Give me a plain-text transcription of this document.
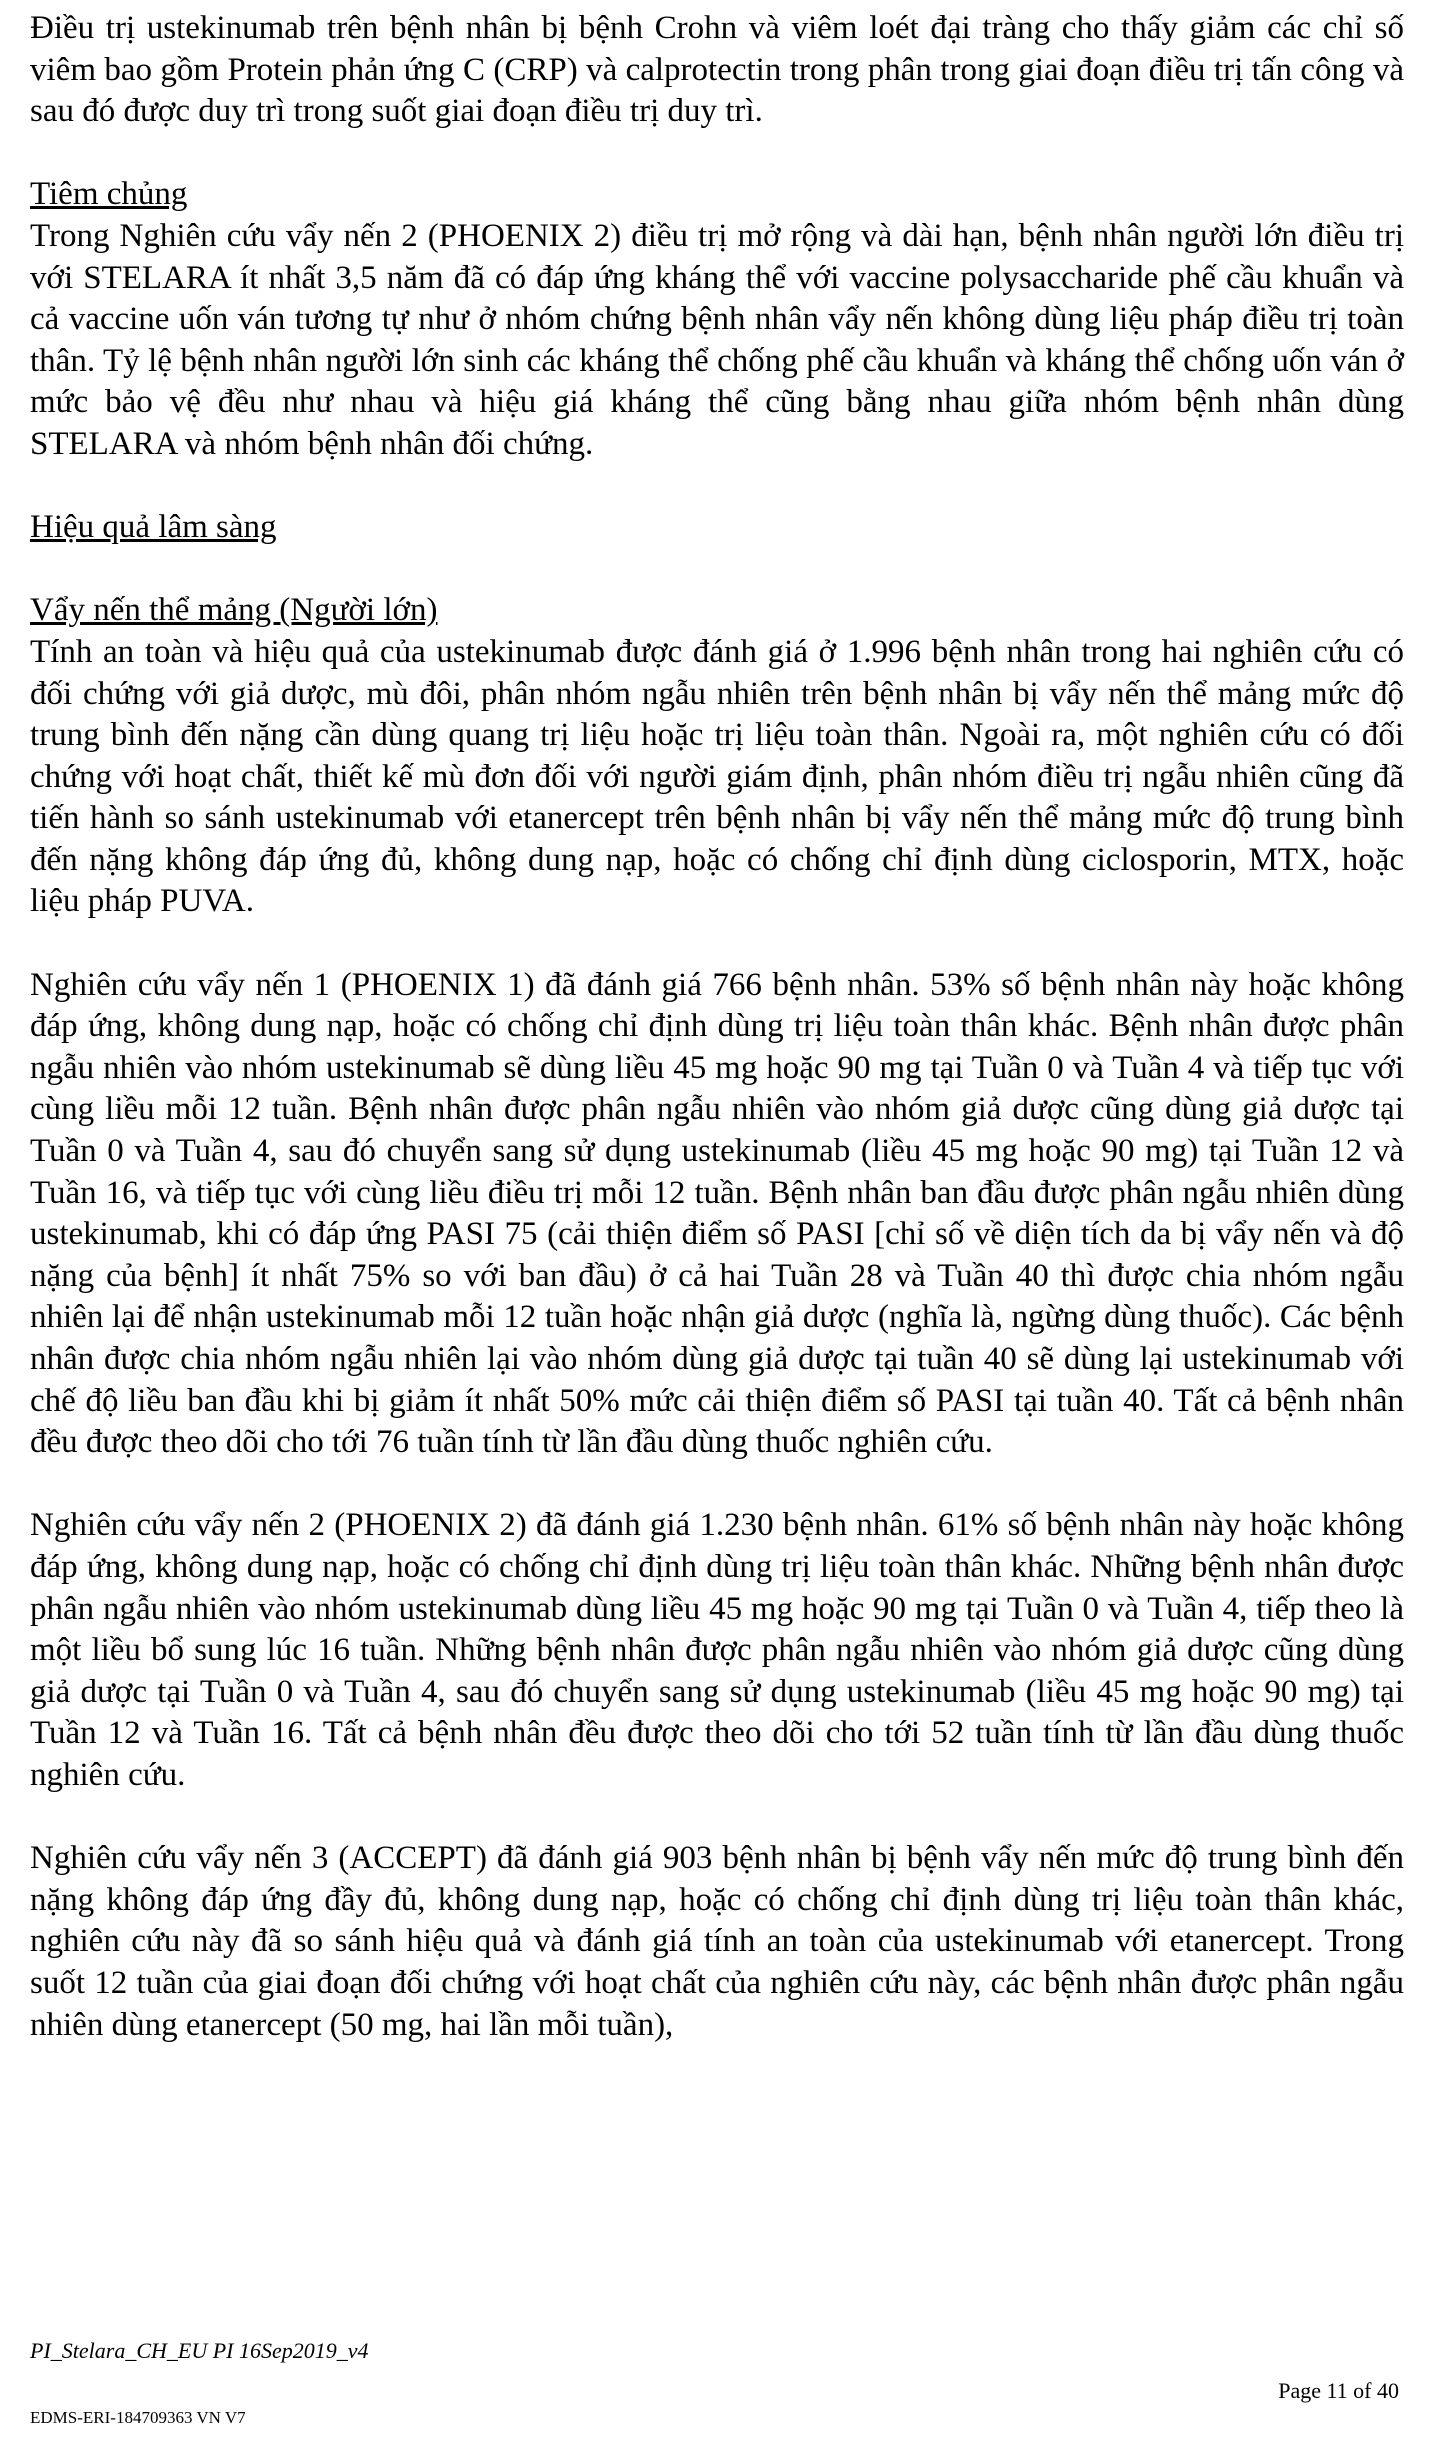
Điều trị ustekinumab trên bệnh nhân bị bệnh Crohn và viêm loét đại tràng cho thấy giảm các chỉ số viêm bao gồm Protein phản ứng C (CRP) và calprotectin trong phân trong giai đoạn điều trị tấn công và sau đó được duy trì trong suốt giai đoạn điều trị duy trì.

Tiêm chủng

Trong Nghiên cứu vẩy nến 2 (PHOENIX 2) điều trị mở rộng và dài hạn, bệnh nhân người lớn điều trị với STELARA ít nhất 3,5 năm đã có đáp ứng kháng thể với vaccine polysaccharide phế cầu khuẩn và cả vaccine uốn ván tương tự như ở nhóm chứng bệnh nhân vẩy nến không dùng liệu pháp điều trị toàn thân. Tỷ lệ bệnh nhân người lớn sinh các kháng thể chống phế cầu khuẩn và kháng thể chống uốn ván ở mức bảo vệ đều như nhau và hiệu giá kháng thể cũng bằng nhau giữa nhóm bệnh nhân dùng STELARA và nhóm bệnh nhân đối chứng.

Hiệu quả lâm sàng

Vẩy nến thể mảng (Người lớn)

Tính an toàn và hiệu quả của ustekinumab được đánh giá ở 1.996 bệnh nhân trong hai nghiên cứu có đối chứng với giả dược, mù đôi, phân nhóm ngẫu nhiên trên bệnh nhân bị vẩy nến thể mảng mức độ trung bình đến nặng cần dùng quang trị liệu hoặc trị liệu toàn thân. Ngoài ra, một nghiên cứu có đối chứng với hoạt chất, thiết kế mù đơn đối với người giám định, phân nhóm điều trị ngẫu nhiên cũng đã tiến hành so sánh ustekinumab với etanercept trên bệnh nhân bị vẩy nến thể mảng mức độ trung bình đến nặng không đáp ứng đủ, không dung nạp, hoặc có chống chỉ định dùng ciclosporin, MTX, hoặc liệu pháp PUVA.

Nghiên cứu vẩy nến 1 (PHOENIX 1) đã đánh giá 766 bệnh nhân. 53% số bệnh nhân này hoặc không đáp ứng, không dung nạp, hoặc có chống chỉ định dùng trị liệu toàn thân khác. Bệnh nhân được phân ngẫu nhiên vào nhóm ustekinumab sẽ dùng liều 45 mg hoặc 90 mg tại Tuần 0 và Tuần 4 và tiếp tục với cùng liều mỗi 12 tuần. Bệnh nhân được phân ngẫu nhiên vào nhóm giả dược cũng dùng giả dược tại Tuần 0 và Tuần 4, sau đó chuyển sang sử dụng ustekinumab (liều 45 mg hoặc 90 mg) tại Tuần 12 và Tuần 16, và tiếp tục với cùng liều điều trị mỗi 12 tuần. Bệnh nhân ban đầu được phân ngẫu nhiên dùng ustekinumab, khi có đáp ứng PASI 75 (cải thiện điểm số PASI [chỉ số về diện tích da bị vẩy nến và độ nặng của bệnh] ít nhất 75% so với ban đầu) ở cả hai Tuần 28 và Tuần 40 thì được chia nhóm ngẫu nhiên lại để nhận ustekinumab mỗi 12 tuần hoặc nhận giả dược (nghĩa là, ngừng dùng thuốc). Các bệnh nhân được chia nhóm ngẫu nhiên lại vào nhóm dùng giả dược tại tuần 40 sẽ dùng lại ustekinumab với chế độ liều ban đầu khi bị giảm ít nhất 50% mức cải thiện điểm số PASI tại tuần 40. Tất cả bệnh nhân đều được theo dõi cho tới 76 tuần tính từ lần đầu dùng thuốc nghiên cứu.

Nghiên cứu vẩy nến 2 (PHOENIX 2) đã đánh giá 1.230 bệnh nhân. 61% số bệnh nhân này hoặc không đáp ứng, không dung nạp, hoặc có chống chỉ định dùng trị liệu toàn thân khác. Những bệnh nhân được phân ngẫu nhiên vào nhóm ustekinumab dùng liều 45 mg hoặc 90 mg tại Tuần 0 và Tuần 4, tiếp theo là một liều bổ sung lúc 16 tuần. Những bệnh nhân được phân ngẫu nhiên vào nhóm giả dược cũng dùng giả dược tại Tuần 0 và Tuần 4, sau đó chuyển sang sử dụng ustekinumab (liều 45 mg hoặc 90 mg) tại Tuần 12 và Tuần 16. Tất cả bệnh nhân đều được theo dõi cho tới 52 tuần tính từ lần đầu dùng thuốc nghiên cứu.

Nghiên cứu vẩy nến 3 (ACCEPT) đã đánh giá 903 bệnh nhân bị bệnh vẩy nến mức độ trung bình đến nặng không đáp ứng đầy đủ, không dung nạp, hoặc có chống chỉ định dùng trị liệu toàn thân khác, nghiên cứu này đã so sánh hiệu quả và đánh giá tính an toàn của ustekinumab với etanercept. Trong suốt 12 tuần của giai đoạn đối chứng với hoạt chất của nghiên cứu này, các bệnh nhân được phân ngẫu nhiên dùng etanercept (50 mg, hai lần mỗi tuần),

PI_Stelara_CH_EU PI 16Sep2019_v4
Page 11 of 40
EDMS-ERI-184709363 VN V7
